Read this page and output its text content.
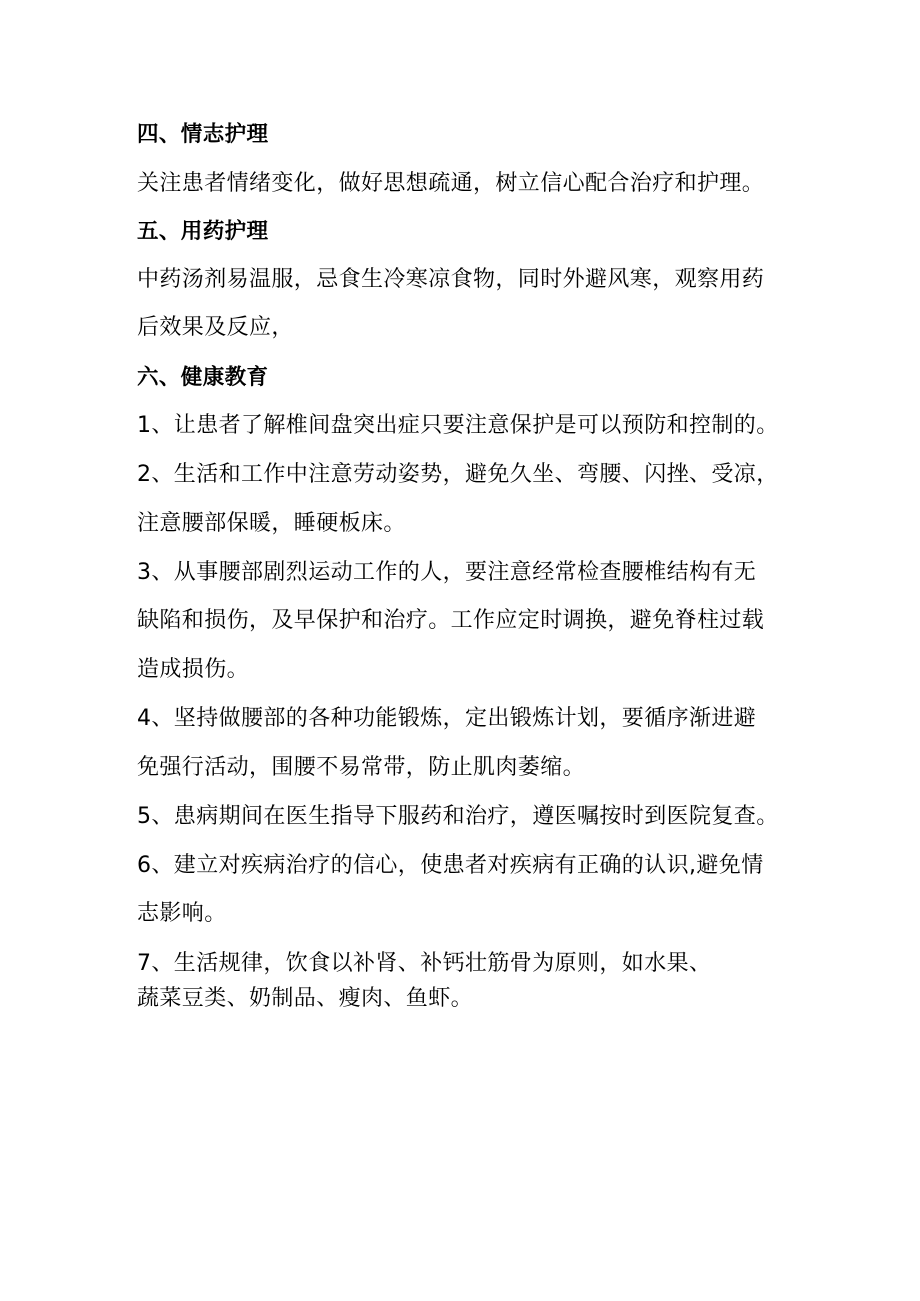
四、情志护理
关注患者情绪变化，做好思想疏通，树立信心配合治疗和护理。
五、用药护理
中药汤剂易温服，忌食生冷寒凉食物，同时外避风寒，观察用药
后效果及反应，
六、健康教育
1、让患者了解椎间盘突出症只要注意保护是可以预防和控制的。
2、生活和工作中注意劳动姿势，避免久坐、弯腰、闪挫、受凉，
注意腰部保暖，睡硬板床。
3、从事腰部剧烈运动工作的人，要注意经常检查腰椎结构有无
缺陷和损伤，及早保护和治疗。工作应定时调换，避免脊柱过载
造成损伤。
4、坚持做腰部的各种功能锻炼，定出锻炼计划，要循序渐进避
免强行活动，围腰不易常带，防止肌肉萎缩。
5、患病期间在医生指导下服药和治疗，遵医嘱按时到医院复查。
6、建立对疾病治疗的信心，使患者对疾病有正确的认识,避免情
志影响。
7、生活规律，饮食以补肾、补钙壮筋骨为原则，如水果、
蔬菜豆类、奶制品、瘦肉、鱼虾。
